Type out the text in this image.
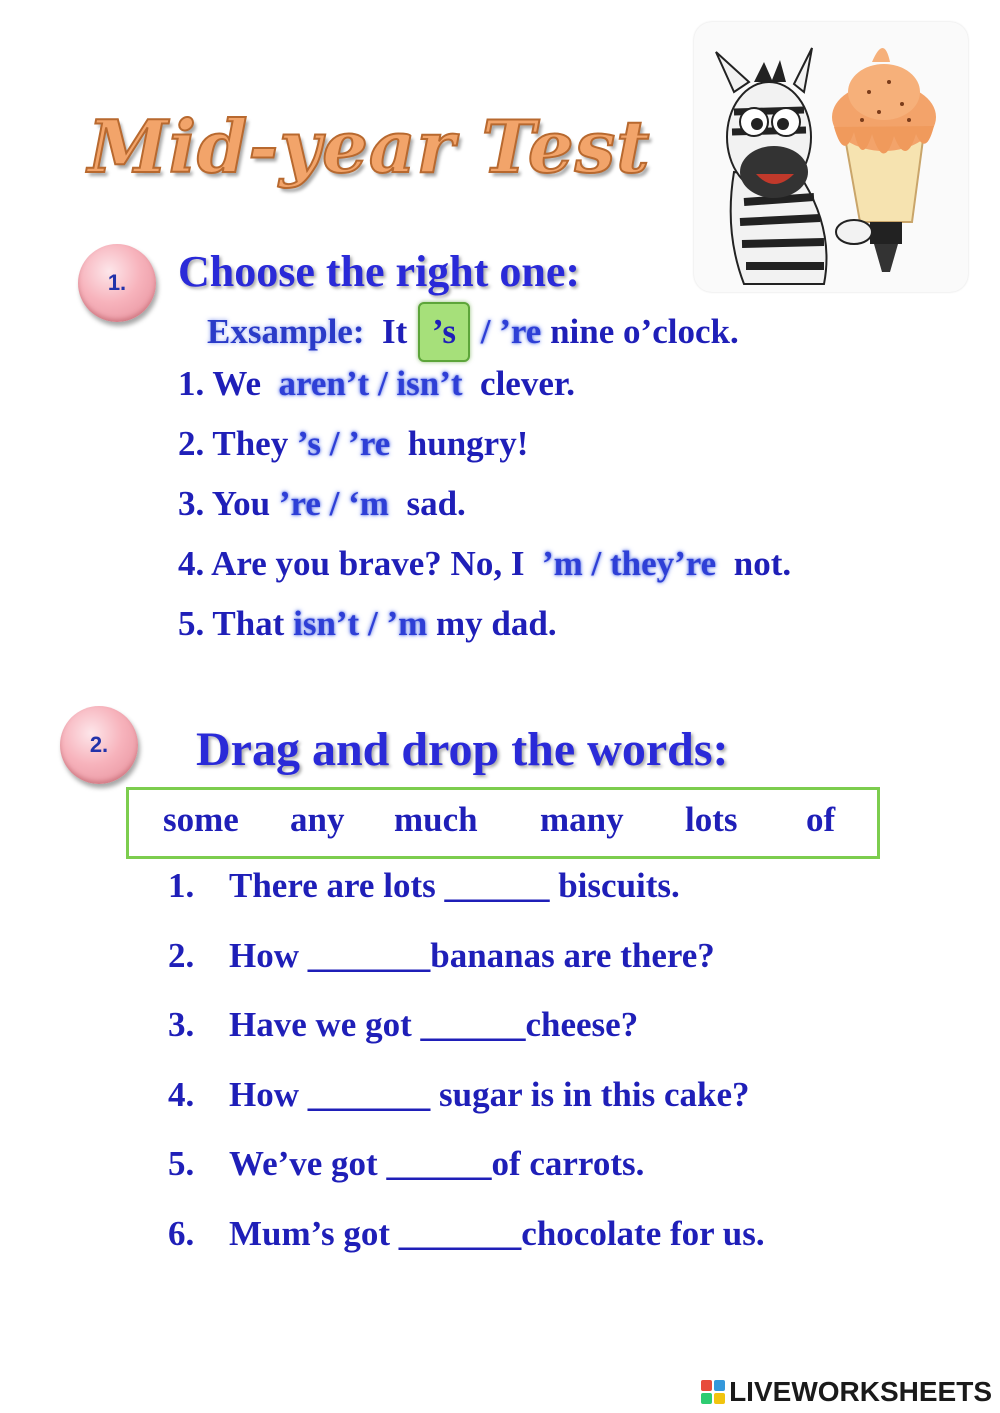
Mid-year Test
1.	Choose the right one:
Exsample: It ’s / ’re nine o’clock.
1. We aren’t / isn’t clever.
2. They ’s / ’re hungry!
3. You ’re / ‘m sad.
4. Are you brave? No, I ’m / they’re not.
5. That isn’t / ’m my dad.
2.	Drag and drop the words:
some any much many lots of
1. There are lots ______ biscuits.
2. How _______bananas are there?
3. Have we got ______cheese?
4. How _______ sugar is in this cake?
5. We’ve got ______of carrots.
6. Mum’s got _______chocolate for us.
LIVEWORKSHEETS
